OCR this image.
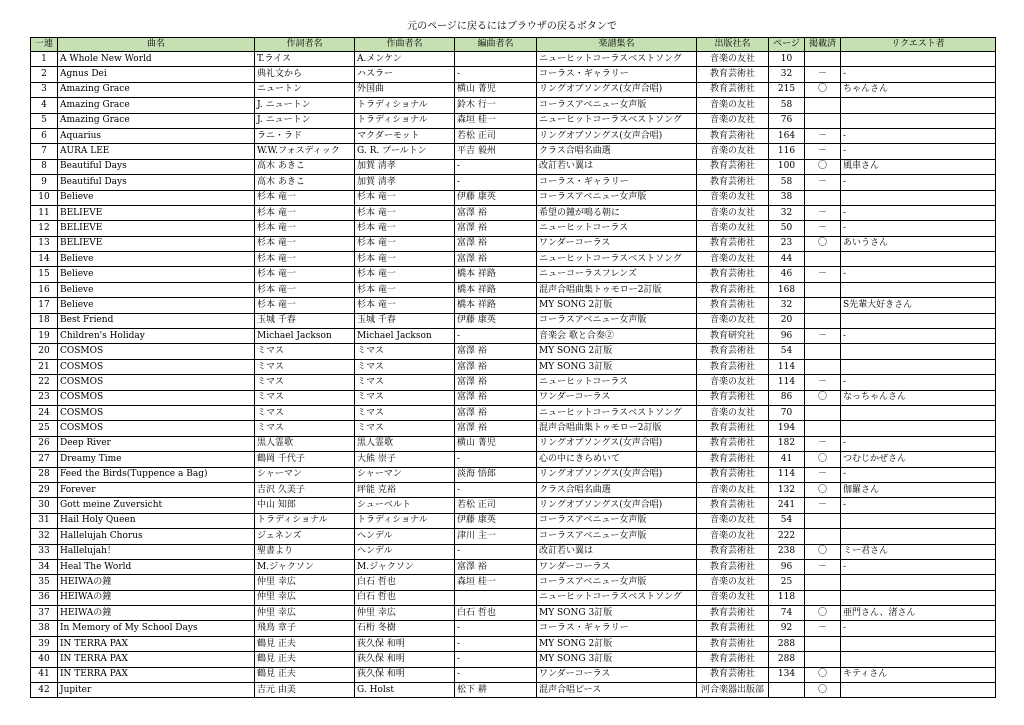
元のページに戻るにはブラウザの戻るボタンで
一連	曲名	作詞者名	作曲者名	編曲者名	楽譜集名	出版社名	ページ	掲載済	リクエスト者
1	A Whole New World	T.ライス	A.メンケン		ニューヒットコーラスベストソング	音楽の友社	10		
2	Agnus Dei	典礼文から	ハスラー	-	コーラス・ギャラリー	教育芸術社	32	－	-
3	Amazing Grace	ニュートン	外国曲	横山 菁児	リングオブソングス(女声合唱)	教育芸術社	215	〇	ちゃんさん
4	Amazing Grace	J. ニュートン	トラディショナル	鈴木 行一	コーラスアベニュー女声版	音楽の友社	58		
5	Amazing Grace	J. ニュートン	トラディショナル	森垣 桂一	ニューヒットコーラスベストソング	音楽の友社	76		
6	Aquarius	ラニ・ラド	マクダーモット	若松 正司	リングオブソングス(女声合唱)	教育芸術社	164	－	-
7	AURA LEE	W.W.フォスディック	G. R. プールトン	平吉 毅州	クラス合唱名曲選	音楽の友社	116	－	-
8	Beautiful Days	高木 あきこ	加賀 清孝	-	改訂若い翼は	教育芸術社	100	〇	風車さん
9	Beautiful Days	高木 あきこ	加賀 清孝	-	コーラス・ギャラリー	教育芸術社	58	－	-
10	Believe	杉本 竜一	杉本 竜一	伊藤 康英	コーラスアベニュー女声版	音楽の友社	38		
11	BELIEVE	杉本 竜一	杉本 竜一	富澤 裕	希望の鐘が鳴る朝に	音楽の友社	32	－	-
12	BELIEVE	杉本 竜一	杉本 竜一	富澤 裕	ニューヒットコーラス	音楽の友社	50	－	-
13	BELIEVE	杉本 竜一	杉本 竜一	富澤 裕	ワンダーコーラス	教育芸術社	23	〇	あいうさん
14	Believe	杉本 竜一	杉本 竜一	富澤 裕	ニューヒットコーラスベストソング	音楽の友社	44		
15	Believe	杉本 竜一	杉本 竜一	橋本 祥路	ニューコーラスフレンズ	教育芸術社	46	－	-
16	Believe	杉本 竜一	杉本 竜一	橋本 祥路	混声合唱曲集トゥモロー2訂版	教育芸術社	168		
17	Believe	杉本 竜一	杉本 竜一	橋本 祥路	MY SONG 2訂版	教育芸術社	32		S先輩大好きさん
18	Best Friend	玉城 千春	玉城 千春	伊藤 康英	コーラスアベニュー女声版	音楽の友社	20		
19	Children's Holiday	Michael Jackson	Michael Jackson	-	音楽会 歌と合奏②	教育研究社	96	－	-
20	COSMOS	ミマス	ミマス	富澤 裕	MY SONG 2訂版	教育芸術社	54		
21	COSMOS	ミマス	ミマス	富澤 裕	MY SONG 3訂版	教育芸術社	114		
22	COSMOS	ミマス	ミマス	富澤 裕	ニューヒットコーラス	音楽の友社	114	－	-
23	COSMOS	ミマス	ミマス	富澤 裕	ワンダーコーラス	教育芸術社	86	〇	なっちゃんさん
24	COSMOS	ミマス	ミマス	富澤 裕	ニューヒットコーラスベストソング	音楽の友社	70		
25	COSMOS	ミマス	ミマス	富澤 裕	混声合唱曲集トゥモロー2訂版	教育芸術社	194		
26	Deep River	黒人霊歌	黒人霊歌	横山 菁児	リングオブソングス(女声合唱)	教育芸術社	182	－	-
27	Dreamy Time	鶴岡 千代子	大熊 崇子	-	心の中にきらめいて	教育芸術社	41	〇	つむじかぜさん
28	Feed the Birds(Tuppence a Bag)	シャーマン	シャーマン	淡海 悟郎	リングオブソングス(女声合唱)	教育芸術社	114	－	-
29	Forever	吉沢 久美子	坪能 克裕	-	クラス合唱名曲選	音楽の友社	132	〇	伽羅さん
30	Gott meine Zuversicht	中山 知郎	シューベルト	若松 正司	リングオブソングス(女声合唱)	教育芸術社	241	－	-
31	Hail Holy Queen	トラディショナル	トラディショナル	伊藤 康英	コーラスアベニュー女声版	音楽の友社	54		
32	Hallelujah Chorus	ジェネンズ	ヘンデル	津川 主一	コーラスアベニュー女声版	音楽の友社	222		
33	Hallelujah！	聖書より	ヘンデル	-	改訂若い翼は	教育芸術社	238	〇	ミー君さん
34	Heal The World	M.ジャクソン	M.ジャクソン	富澤 裕	ワンダーコーラス	教育芸術社	96	－	-
35	HEIWAの鐘	仲里 幸広	白石 哲也	森垣 桂一	コーラスアベニュー女声版	音楽の友社	25		
36	HEIWAの鐘	仲里 幸広	白石 哲也		ニューヒットコーラスベストソング	音楽の友社	118		
37	HEIWAの鐘	仲里 幸広	仲里 幸広	白石 哲也	MY SONG 3訂版	教育芸術社	74	〇	亜門さん、渚さん
38	In Memory of My School Days	飛鳥 章子	石桁 冬樹	-	コーラス・ギャラリー	教育芸術社	92	－	-
39	IN TERRA PAX	鶴見 正夫	荻久保 和明	-	MY SONG 2訂版	教育芸術社	288		
40	IN TERRA PAX	鶴見 正夫	荻久保 和明	-	MY SONG 3訂版	教育芸術社	288		
41	IN TERRA PAX	鶴見 正夫	荻久保 和明	-	ワンダーコーラス	教育芸術社	134	〇	キティさん
42	Jupiter	吉元 由美	G. Holst	松下 耕	混声合唱ピース	河合楽器出版部		〇	
